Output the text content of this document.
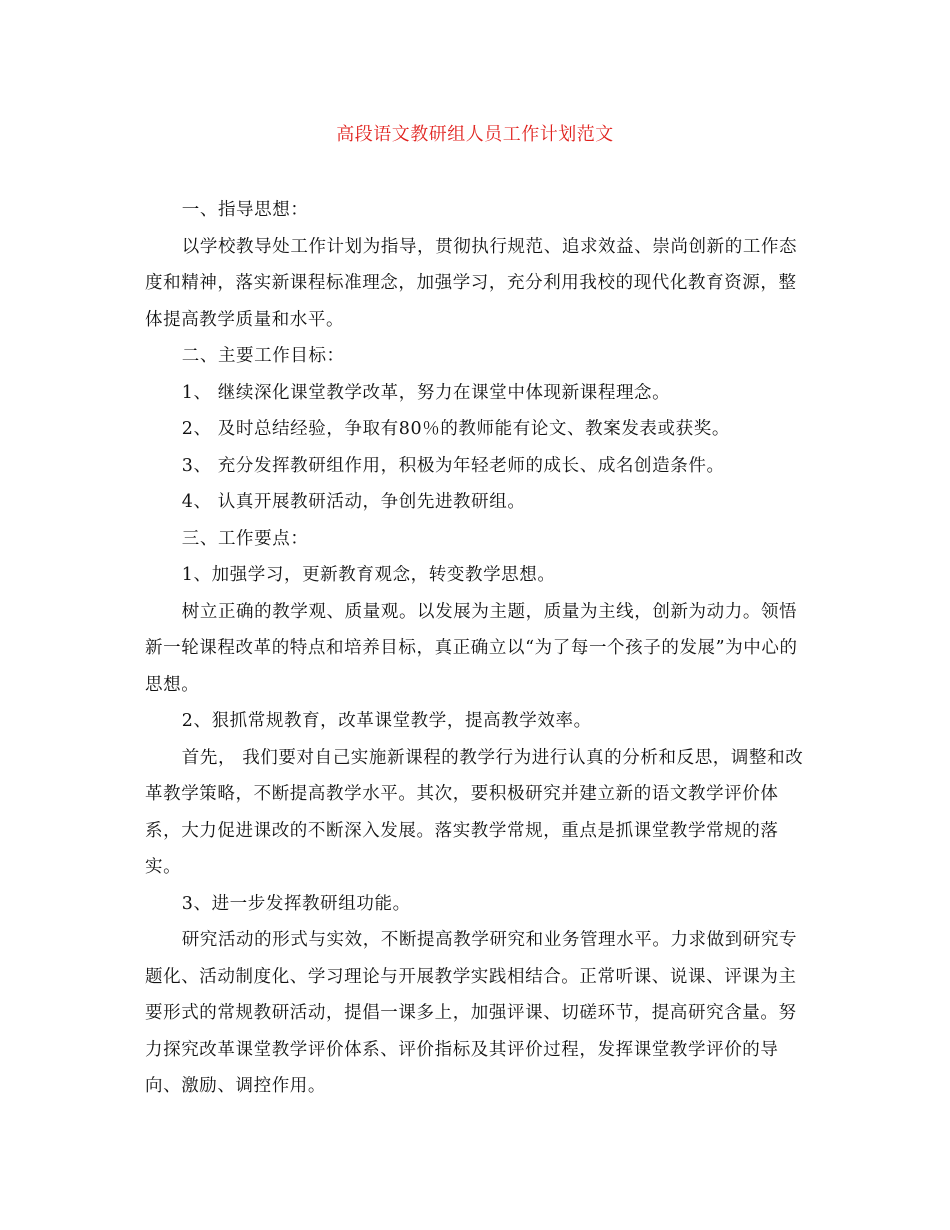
高段语文教研组人员工作计划范文

一、指导思想：

以学校教导处工作计划为指导，贯彻执行规范、追求效益、崇尚创新的工作态度和精神，落实新课程标准理念，加强学习，充分利用我校的现代化教育资源，整体提高教学质量和水平。

二、主要工作目标：

1、 继续深化课堂教学改革，努力在课堂中体现新课程理念。

2、 及时总结经验，争取有80％的教师能有论文、教案发表或获奖。

3、 充分发挥教研组作用，积极为年轻老师的成长、成名创造条件。

4、 认真开展教研活动，争创先进教研组。

三、工作要点：

1、加强学习，更新教育观念，转变教学思想。

树立正确的教学观、质量观。以发展为主题，质量为主线，创新为动力。领悟新一轮课程改革的特点和培养目标，真正确立以“为了每一个孩子的发展”为中心的思想。

2、狠抓常规教育，改革课堂教学，提高教学效率。

首先， 我们要对自己实施新课程的教学行为进行认真的分析和反思，调整和改革教学策略，不断提高教学水平。其次，要积极研究并建立新的语文教学评价体系，大力促进课改的不断深入发展。落实教学常规，重点是抓课堂教学常规的落实。

3、进一步发挥教研组功能。

研究活动的形式与实效，不断提高教学研究和业务管理水平。力求做到研究专题化、活动制度化、学习理论与开展教学实践相结合。正常听课、说课、评课为主要形式的常规教研活动，提倡一课多上，加强评课、切磋环节，提高研究含量。努力探究改革课堂教学评价体系、评价指标及其评价过程，发挥课堂教学评价的导向、激励、调控作用。
